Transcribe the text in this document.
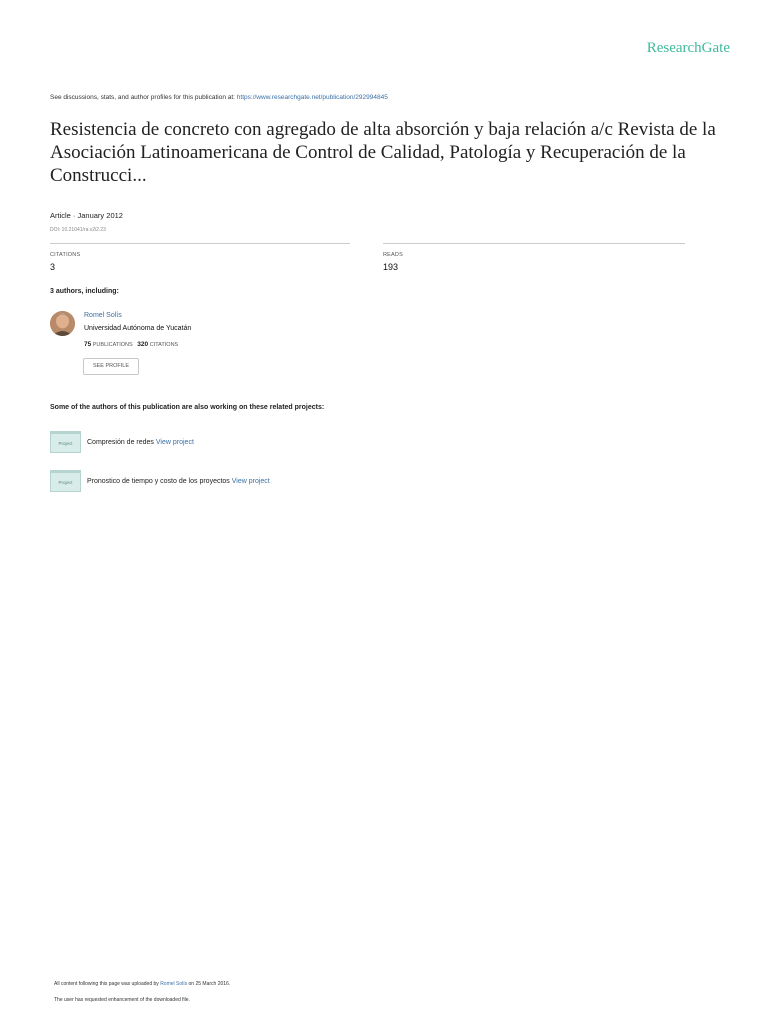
ResearchGate
See discussions, stats, and author profiles for this publication at: https://www.researchgate.net/publication/292994845
Resistencia de concreto con agregado de alta absorción y baja relación a/c Revista de la Asociación Latinoamericana de Control de Calidad, Patología y Recuperación de la Construcci...
Article · January 2012
DOI: 10.21041/ra.v2i2.23
CITATIONS
3
READS
193
3 authors, including:
Romel Solís
Universidad Autónoma de Yucatán
75 PUBLICATIONS 320 CITATIONS
SEE PROFILE
Some of the authors of this publication are also working on these related projects:
Project	Compresión de redes View project
Project	Pronostico de tiempo y costo de los proyectos View project
All content following this page was uploaded by Romel Solís on 25 March 2016.
The user has requested enhancement of the downloaded file.
